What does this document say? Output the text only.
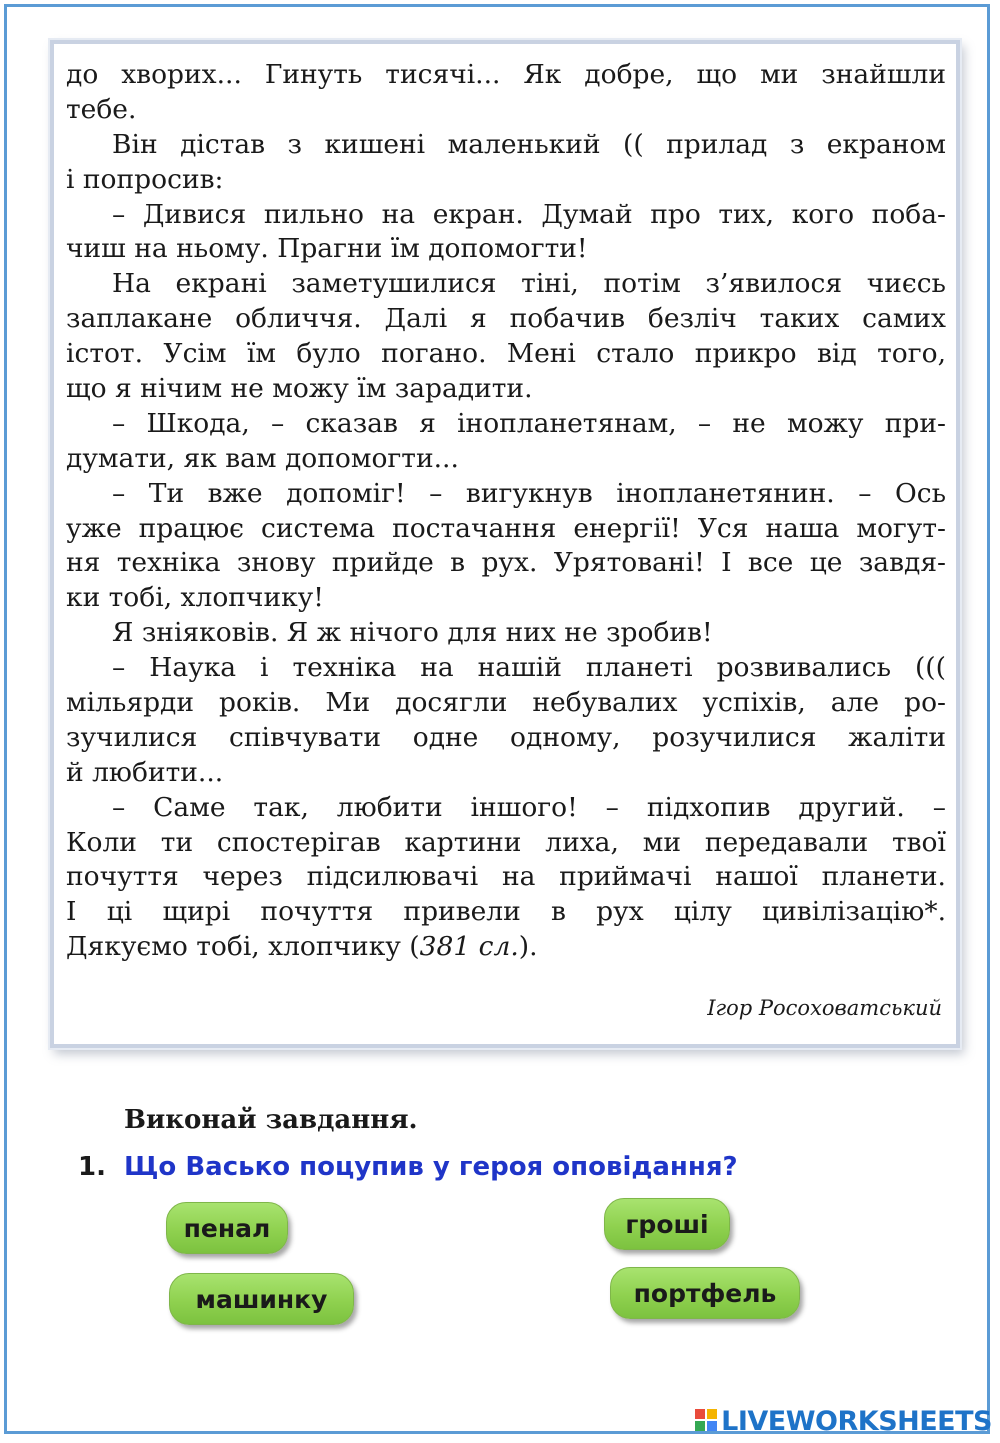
до хворих... Гинуть тисячі... Як добре, що ми знайшли
тебе.
Він дістав з кишені маленький (( прилад з екраном
і попросив:
– Дивися пильно на екран. Думай про тих, кого поба-
чиш на ньому. Прагни їм допомогти!
На екрані заметушилися тіні, потім з’явилося чиєсь
заплакане обличчя. Далі я побачив безліч таких самих
істот. Усім їм було погано. Мені стало прикро від того,
що я нічим не можу їм зарадити.
– Шкода, – сказав я інопланетянам, – не можу при-
думати, як вам допомогти...
– Ти вже допоміг! – вигукнув інопланетянин. – Ось
уже працює система постачання енергії! Уся наша могут-
ня техніка знову прийде в рух. Урятовані! І все це завдя-
ки тобі, хлопчику!
Я зніяковів. Я ж нічого для них не зробив!
– Наука і техніка на нашій планеті розвивались (((
мільярди років. Ми досягли небувалих успіхів, але ро-
зучилися співчувати одне одному, розучилися жаліти
й любити...
– Саме так, любити іншого! – підхопив другий. –
Коли ти спостерігав картини лиха, ми передавали твої
почуття через підсилювачі на приймачі нашої планети.
І ці щирі почуття привели в рух цілу цивілізацію*.
Дякуємо тобі, хлопчику (381 сл.).
Ігор Росоховатський
Виконай завдання.
1. Що Васько поцупив у героя оповідання?
пенал	гроші
машинку	портфель
LIVEWORKSHEETS
